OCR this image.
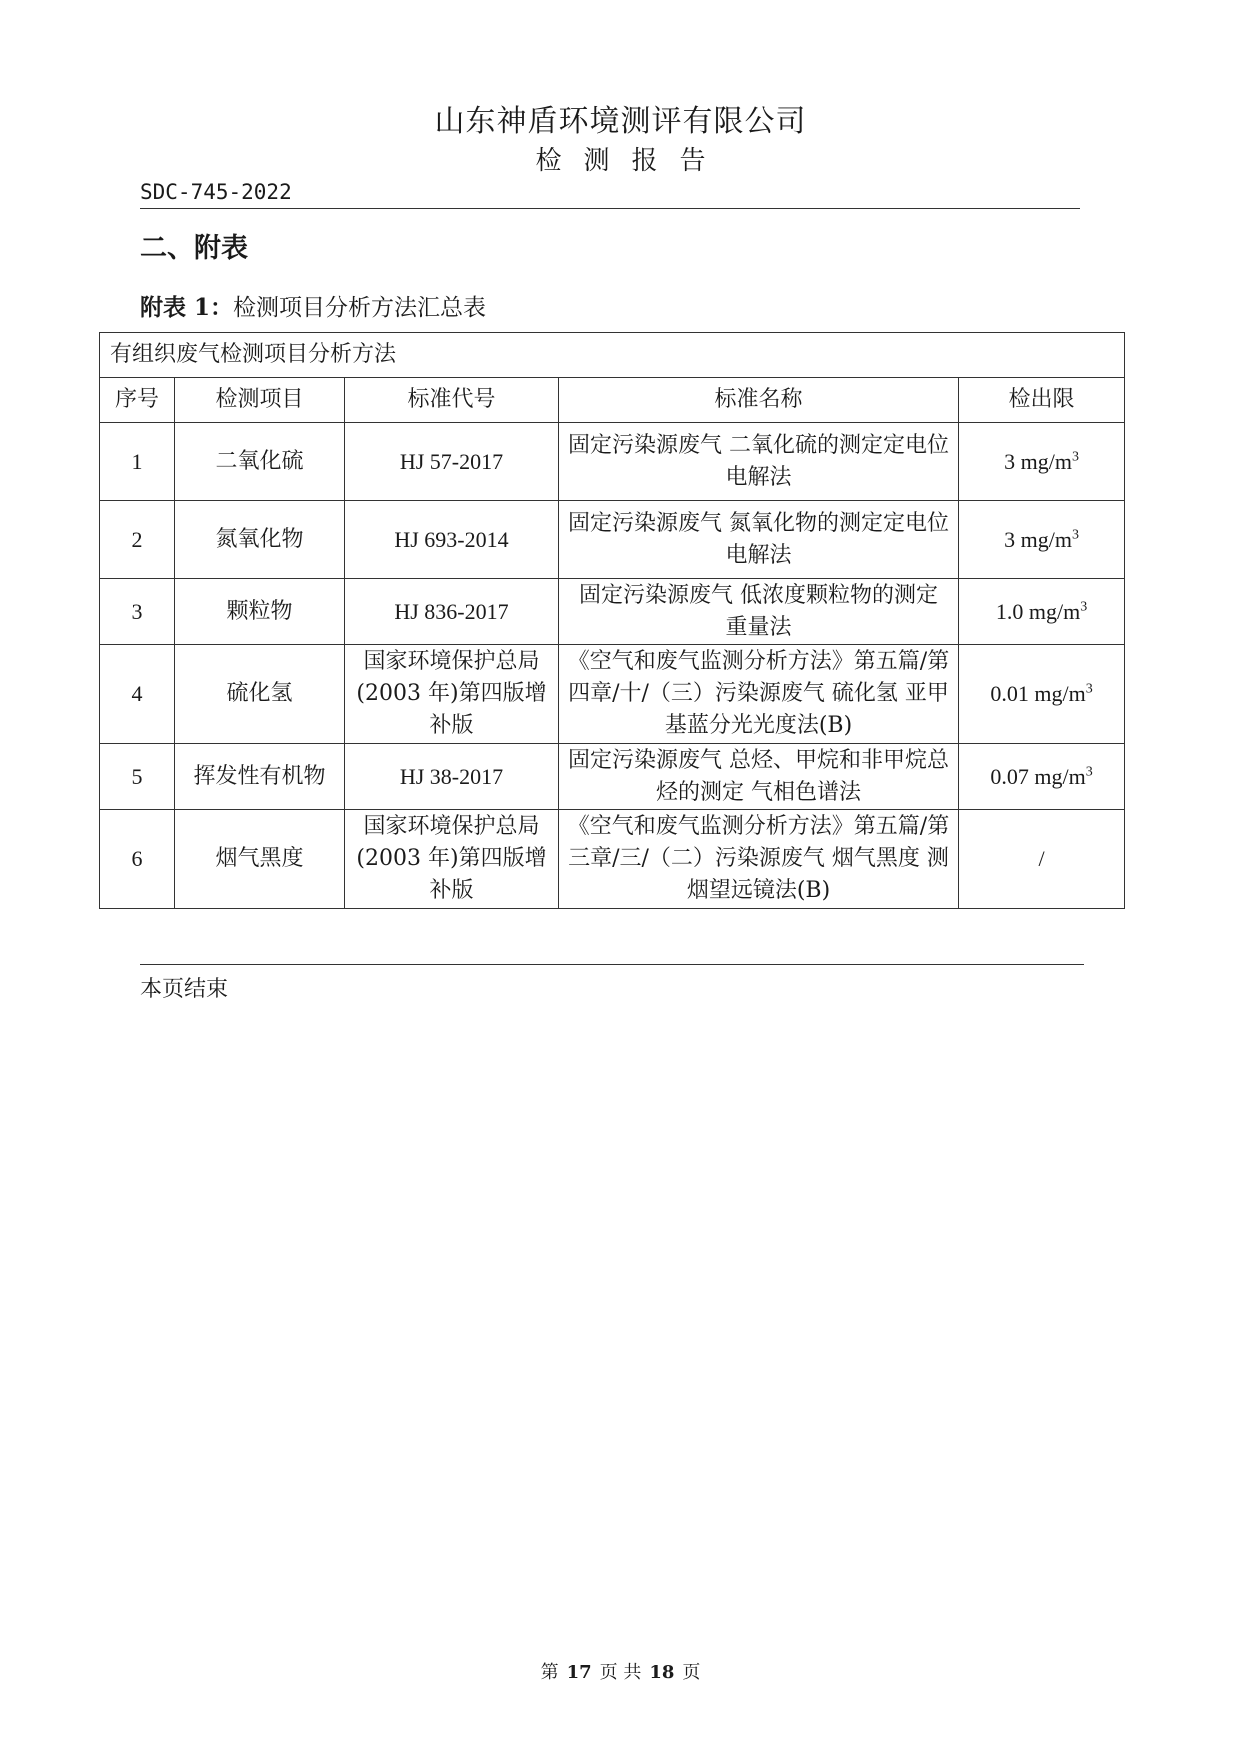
山东神盾环境测评有限公司
检测报告
SDC-745-2022
二、附表
附表 1：检测项目分析方法汇总表
有组织废气检测项目分析方法				
序号	检测项目	标准代号	标准名称	检出限
1	二氧化硫	HJ 57-2017	固定污染源废气 二氧化硫的测定定电位电解法	3 $mg/m^3$
2	氮氧化物	HJ 693-2014	固定污染源废气 氮氧化物的测定定电位电解法	3 $mg/m^3$
3	颗粒物	HJ 836-2017	固定污染源废气 低浓度颗粒物的测定 重量法	1.0 $mg/m^3$
4	硫化氢	国家环境保护总局(2003 年)第四版增补版	《空气和废气监测分析方法》第五篇/第四章/十/（三）污染源废气 硫化氢 亚甲基蓝分光光度法(B)	0.01 $mg/m^3$
5	挥发性有机物	HJ 38-2017	固定污染源废气 总烃、甲烷和非甲烷总烃的测定 气相色谱法	0.07 $mg/m^3$
6	烟气黑度	国家环境保护总局(2003 年)第四版增补版	《空气和废气监测分析方法》第五篇/第三章/三/（二）污染源废气 烟气黑度 测烟望远镜法(B)	/
本页结束
第 17 页 共 18 页
